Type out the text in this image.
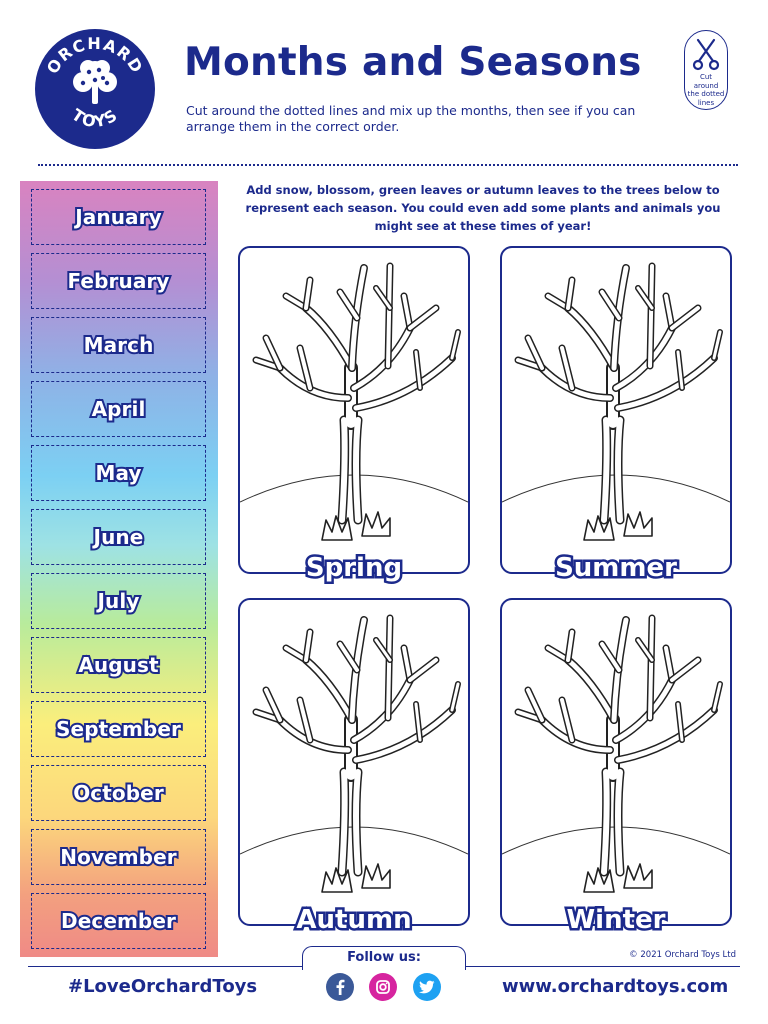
ORCHARD
TOYS
Months and Seasons

Cut around the dotted lines and mix up the months, then see if you can arrange them in the correct order.

Cut around the dotted lines
January
February
March
April
May
June
July
August
September
October
November
December

Add snow, blossom, green leaves or autumn leaves to the trees below to represent each season. You could even add some plants and animals you might see at these times of year!

Spring	Summer
Autumn	Winter
© 2021 Orchard Toys Ltd
Follow us:
#LoveOrchardToys	www.orchardtoys.com
